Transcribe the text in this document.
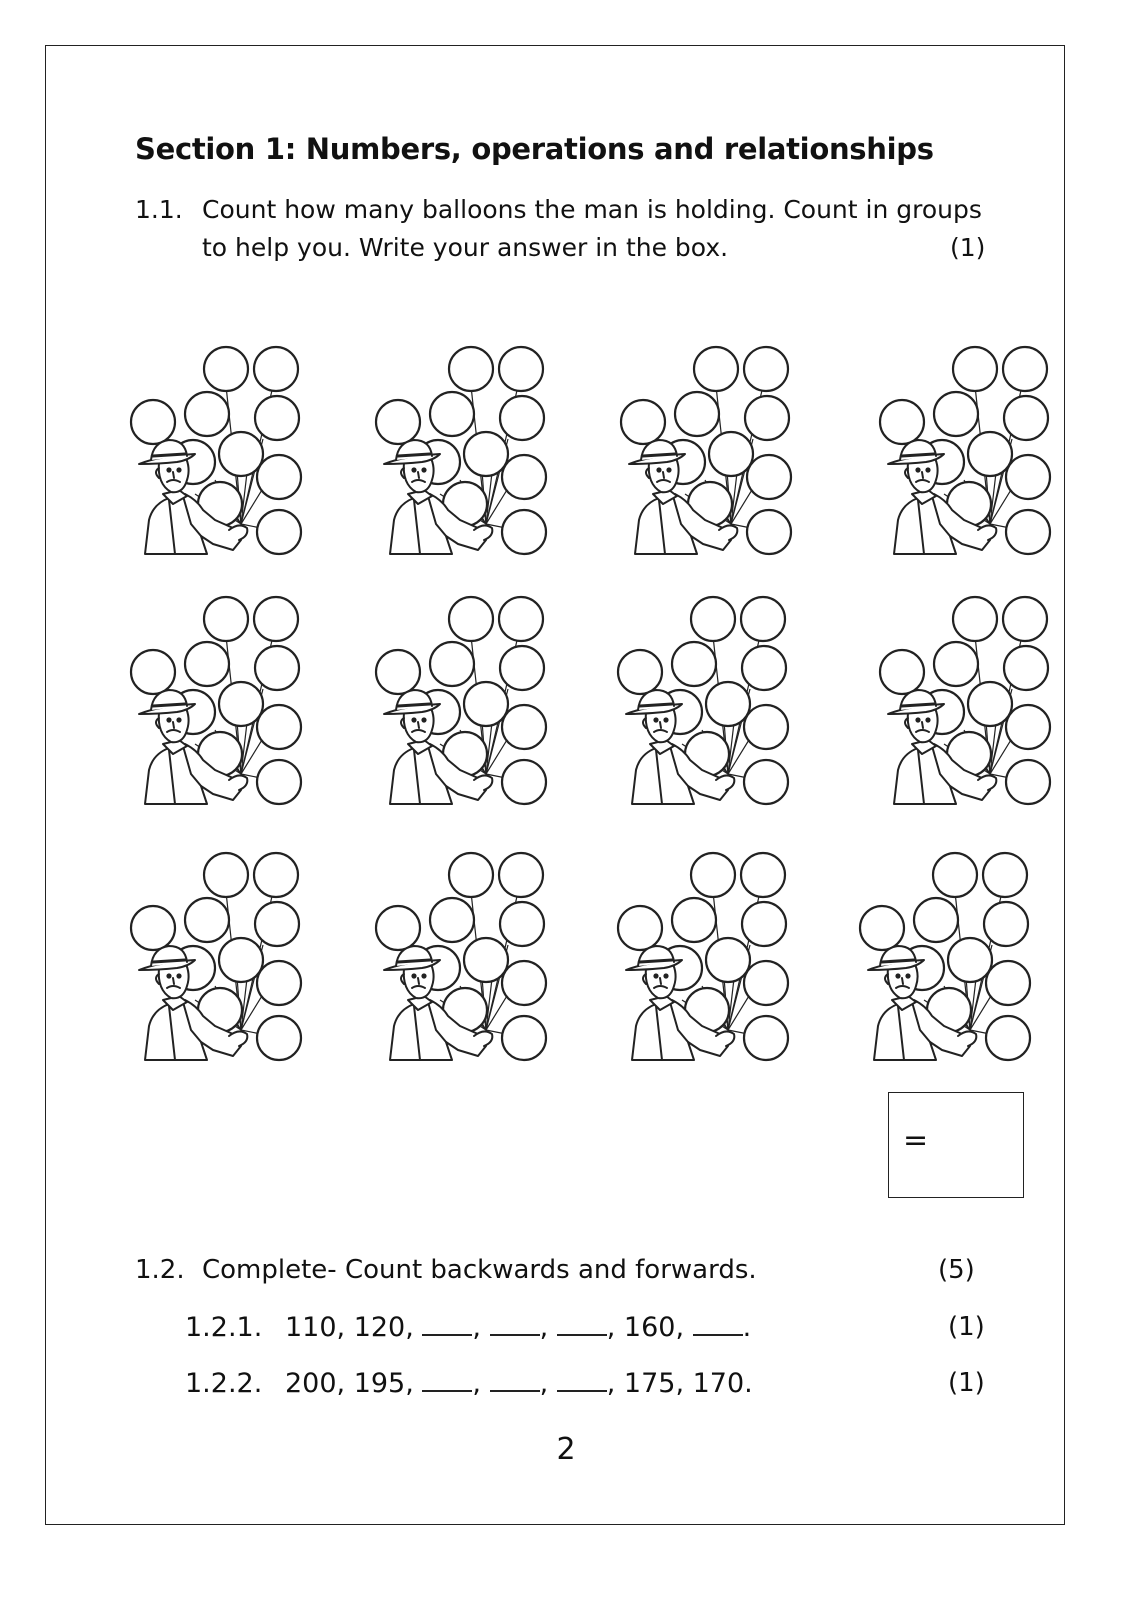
Section 1: Numbers, operations and relationships
1.1. Count how many balloons the man is holding. Count in groups
to help you. Write your answer in the box.	(1)
=
1.2. Complete- Count backwards and forwards.	(5)
1.2.1. 110, 120, , , , 160, .	(1)
1.2.2. 200, 195, , , , 175, 170.	(1)
2
